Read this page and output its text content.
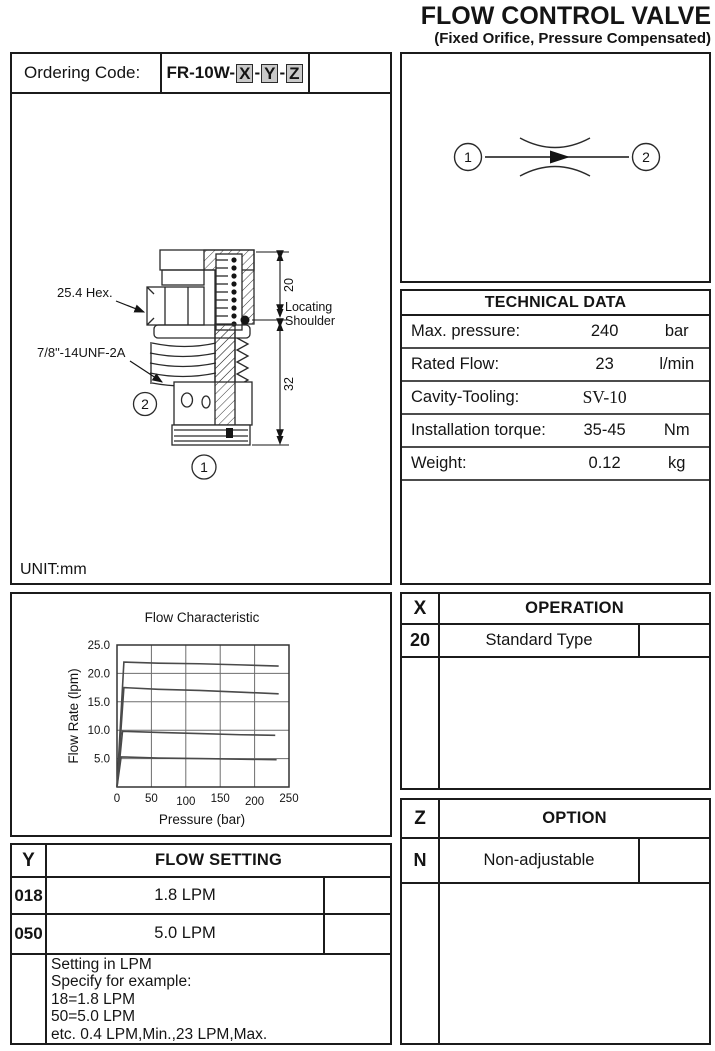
FLOW CONTROL VALVE
(Fixed Orifice, Pressure Compensated)
Ordering Code:	FR-10W- X - Y - Z
20
32
25.4 Hex.
7/8"-14UNF-2A
Locating
Shoulder
2
1
UNIT:mm
1	2
TECHNICAL DATA
Max. pressure:	240	bar
Rated Flow:	23	l/min
Cavity-Tooling:	SV-10
Installation torque:	35-45	Nm
Weight:	0.12	kg
Flow Characteristic
Pressure (bar)
Flow Rate (lpm)
0 50 100 150 200 250
5.0
10.0
15.0
20.0
25.0
X	OPERATION
20	Standard Type
Z	OPTION
N	Non-adjustable
Y	FLOW SETTING
018	1.8 LPM
050	5.0 LPM
Setting in LPM
Specify for example:
18=1.8 LPM
50=5.0 LPM
etc. 0.4 LPM,Min.,23 LPM,Max.
